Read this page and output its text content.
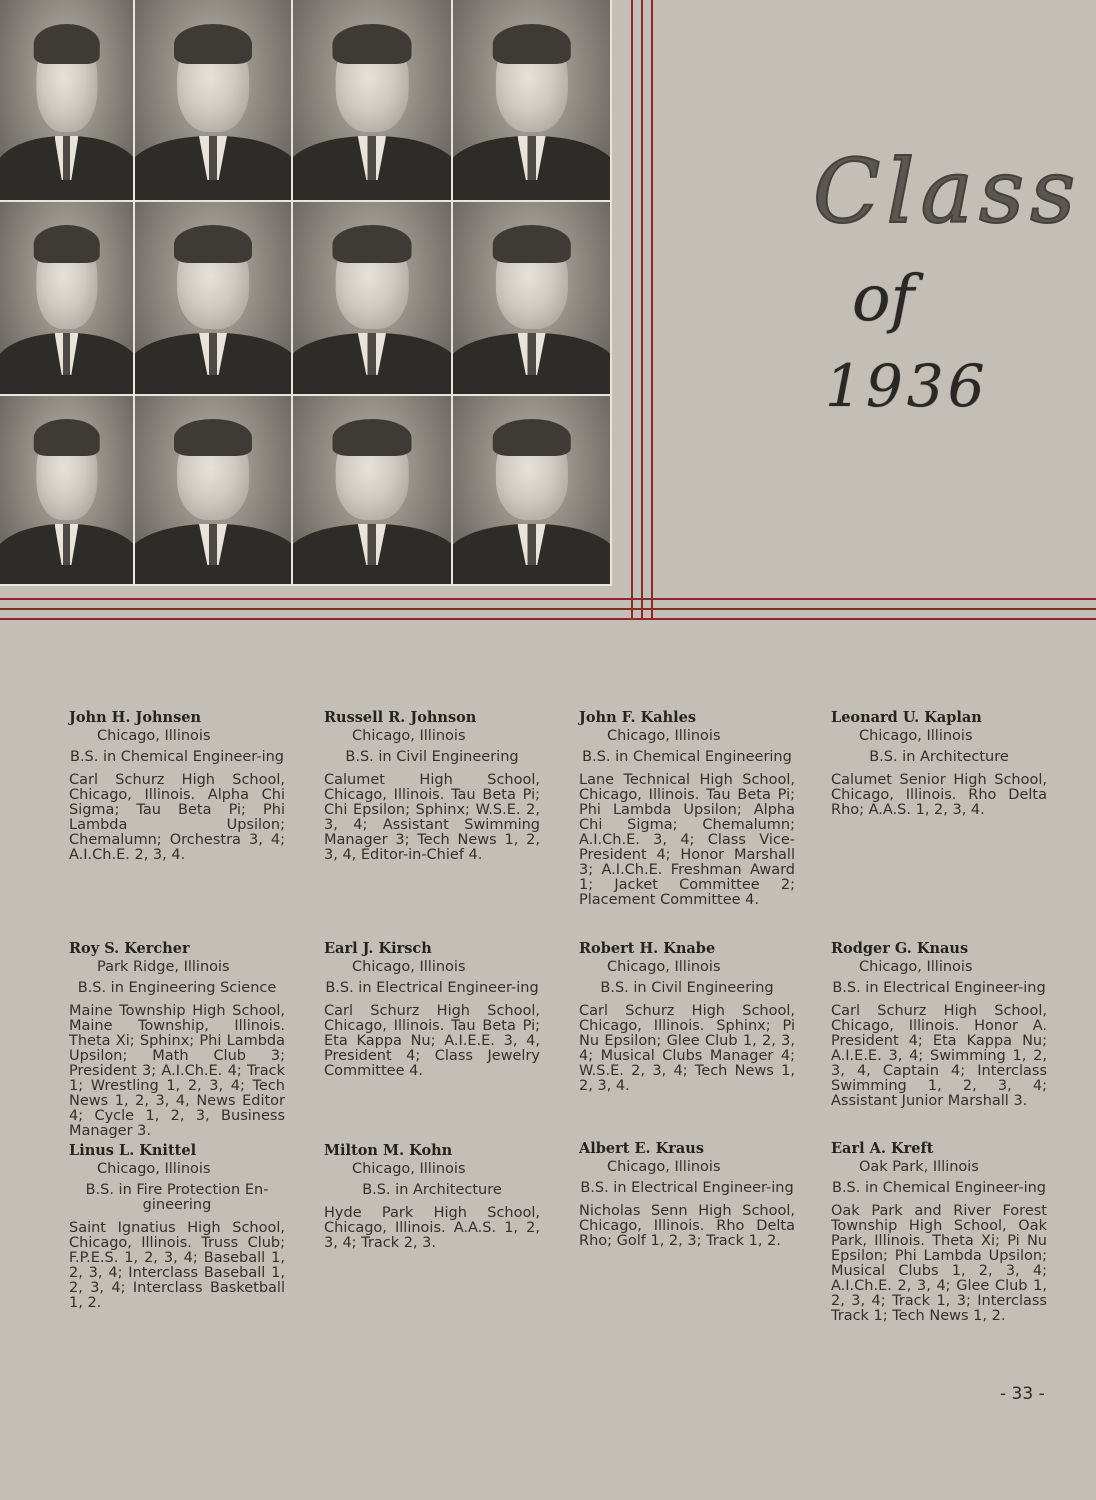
Class
of
1936
John H. Johnsen
Chicago, Illinois
B.S. in Chemical Engineer-ing
Carl Schurz High School, Chicago, Illinois. Alpha Chi Sigma; Tau Beta Pi; Phi Lambda Upsilon; Chemalumn; Orchestra 3, 4; A.I.Ch.E. 2, 3, 4.
Russell R. Johnson
Chicago, Illinois
B.S. in Civil Engineering
Calumet High School, Chicago, Illinois. Tau Beta Pi; Chi Epsilon; Sphinx; W.S.E. 2, 3, 4; Assistant Swimming Manager 3; Tech News 1, 2, 3, 4, Editor-in-Chief 4.
John F. Kahles
Chicago, Illinois
B.S. in Chemical Engineering
Lane Technical High School, Chicago, Illinois. Tau Beta Pi; Phi Lambda Upsilon; Alpha Chi Sigma; Chemalumn; A.I.Ch.E. 3, 4; Class Vice-President 4; Honor Marshall 3; A.I.Ch.E. Freshman Award 1; Jacket Committee 2; Placement Committee 4.
Leonard U. Kaplan
Chicago, Illinois
B.S. in Architecture
Calumet Senior High School, Chicago, Illinois. Rho Delta Rho; A.A.S. 1, 2, 3, 4.
Roy S. Kercher
Park Ridge, Illinois
B.S. in Engineering Science
Maine Township High School, Maine Township, Illinois. Theta Xi; Sphinx; Phi Lambda Upsilon; Math Club 3; President 3; A.I.Ch.E. 4; Track 1; Wrestling 1, 2, 3, 4; Tech News 1, 2, 3, 4, News Editor 4; Cycle 1, 2, 3, Business Manager 3.
Earl J. Kirsch
Chicago, Illinois
B.S. in Electrical Engineer-ing
Carl Schurz High School, Chicago, Illinois. Tau Beta Pi; Eta Kappa Nu; A.I.E.E. 3, 4, President 4; Class Jewelry Committee 4.
Robert H. Knabe
Chicago, Illinois
B.S. in Civil Engineering
Carl Schurz High School, Chicago, Illinois. Sphinx; Pi Nu Epsilon; Glee Club 1, 2, 3, 4; Musical Clubs Manager 4; W.S.E. 2, 3, 4; Tech News 1, 2, 3, 4.
Rodger G. Knaus
Chicago, Illinois
B.S. in Electrical Engineer-ing
Carl Schurz High School, Chicago, Illinois. Honor A. President 4; Eta Kappa Nu; A.I.E.E. 3, 4; Swimming 1, 2, 3, 4, Captain 4; Interclass Swimming 1, 2, 3, 4; Assistant Junior Marshall 3.
Linus L. Knittel
Chicago, Illinois
B.S. in Fire Protection En-gineering
Saint Ignatius High School, Chicago, Illinois. Truss Club; F.P.E.S. 1, 2, 3, 4; Baseball 1, 2, 3, 4; Interclass Baseball 1, 2, 3, 4; Interclass Basketball 1, 2.
Milton M. Kohn
Chicago, Illinois
B.S. in Architecture
Hyde Park High School, Chicago, Illinois. A.A.S. 1, 2, 3, 4; Track 2, 3.
Albert E. Kraus
Chicago, Illinois
B.S. in Electrical Engineer-ing
Nicholas Senn High School, Chicago, Illinois. Rho Delta Rho; Golf 1, 2, 3; Track 1, 2.
Earl A. Kreft
Oak Park, Illinois
B.S. in Chemical Engineer-ing
Oak Park and River Forest Township High School, Oak Park, Illinois. Theta Xi; Pi Nu Epsilon; Phi Lambda Upsilon; Musical Clubs 1, 2, 3, 4; A.I.Ch.E. 2, 3, 4; Glee Club 1, 2, 3, 4; Track 1, 3; Interclass Track 1; Tech News 1, 2.
- 33 -
